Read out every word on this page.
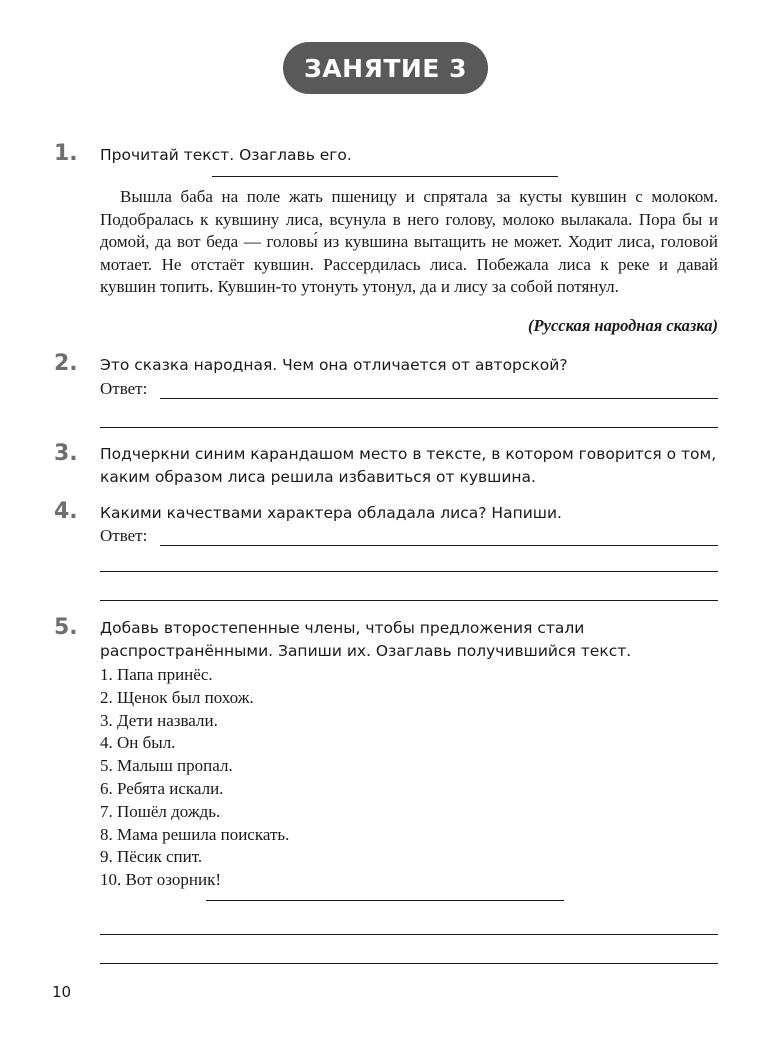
ЗАНЯТИЕ 3
1. Прочитай текст. Озаглавь его.

Вышла баба на поле жать пшеницу и спрятала за кусты кувшин с молоком. Подобралась к кувшину лиса, всунула в него голову, молоко вылакала. Пора бы и домой, да вот беда — головы́ из кувшина вытащить не может. Ходит лиса, головой мотает. Не отстаёт кувшин. Рассердилась лиса. Побежала лиса к реке и давай кувшин топить. Кувшин-то утонуть утонул, да и лису за собой потянул.

(Русская народная сказка)
2. Это сказка народная. Чем она отличается от авторской?
Ответ:
3. Подчеркни синим карандашом место в тексте, в котором говорится о том, каким образом лиса решила избавиться от кувшина.
4. Какими качествами характера обладала лиса? Напиши.
Ответ:
5. Добавь второстепенные члены, чтобы предложения стали распространёнными. Запиши их. Озаглавь получившийся текст.
1. Папа принёс.
2. Щенок был похож.
3. Дети назвали.
4. Он был.
5. Малыш пропал.
6. Ребята искали.
7. Пошёл дождь.
8. Мама решила поискать.
9. Пёсик спит.
10. Вот озорник!
10
